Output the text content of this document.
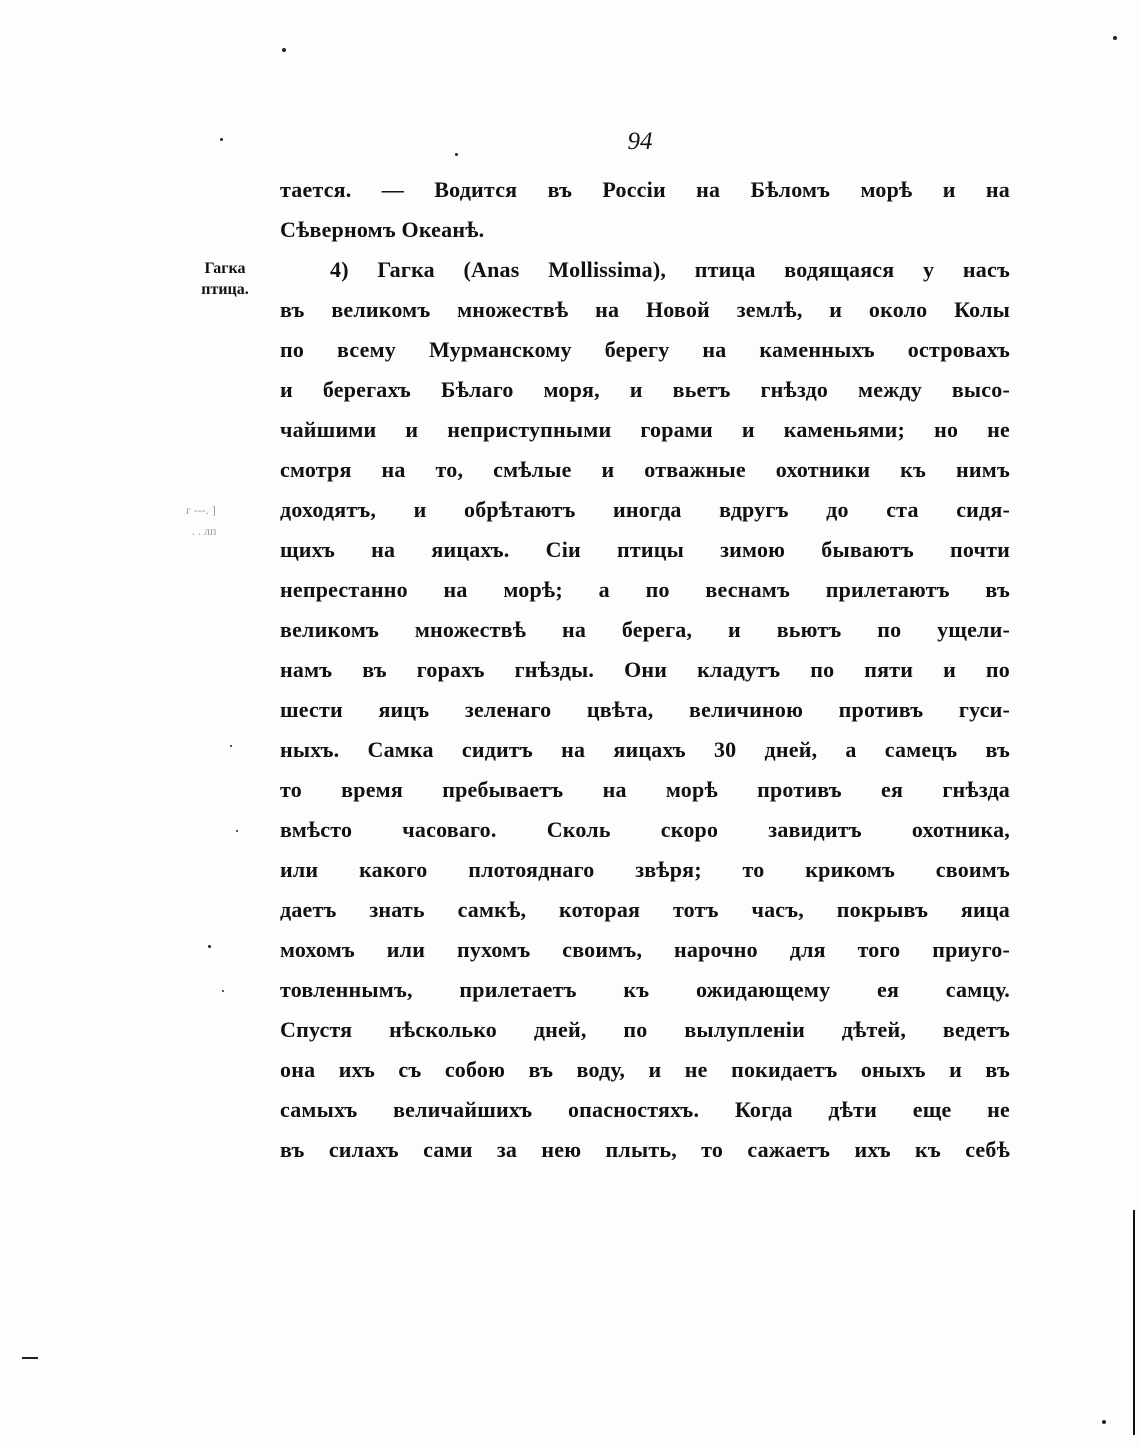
94
Гагка
птица.
г ---. ]
. . лп
тается. — Водится въ Россіи на Бѣломъ морѣ и на
Сѣверномъ Океанѣ.
4) Гагка (Anas Mollissima), птица водящаяся у насъ
въ великомъ множествѣ на Новой землѣ, и около Колы
по всему Мурманскому берегу на каменныхъ островахъ
и берегахъ Бѣлаго моря, и вьетъ гнѣздо между высо-
чайшими и неприступными горами и каменьями; но не
смотря на то, смѣлые и отважные охотники къ нимъ
доходятъ, и обрѣтаютъ иногда вдругъ до ста сидя-
щихъ на яицахъ. Сіи птицы зимою бываютъ почти
непрестанно на морѣ; а по веснамъ прилетаютъ въ
великомъ множествѣ на берега, и вьютъ по ущели-
намъ въ горахъ гнѣзды. Они кладутъ по пяти и по
шести яицъ зеленаго цвѣта, величиною противъ гуси-
ныхъ. Самка сидитъ на яицахъ 30 дней, а самецъ въ
то время пребываетъ на морѣ противъ ея гнѣзда
вмѣсто часоваго. Сколь скоро завидитъ охотника,
или какого плотояднаго звѣря; то крикомъ своимъ
даетъ знать самкѣ, которая тотъ часъ, покрывъ яица
мохомъ или пухомъ своимъ, нарочно для того приуго-
товленнымъ, прилетаетъ къ ожидающему ея самцу.
Спустя нѣсколько дней, по вылупленіи дѣтей, ведетъ
она ихъ съ собою въ воду, и не покидаетъ оныхъ и въ
самыхъ величайшихъ опасностяхъ. Когда дѣти еще не
въ силахъ сами за нею плыть, то сажаетъ ихъ къ себѣ
